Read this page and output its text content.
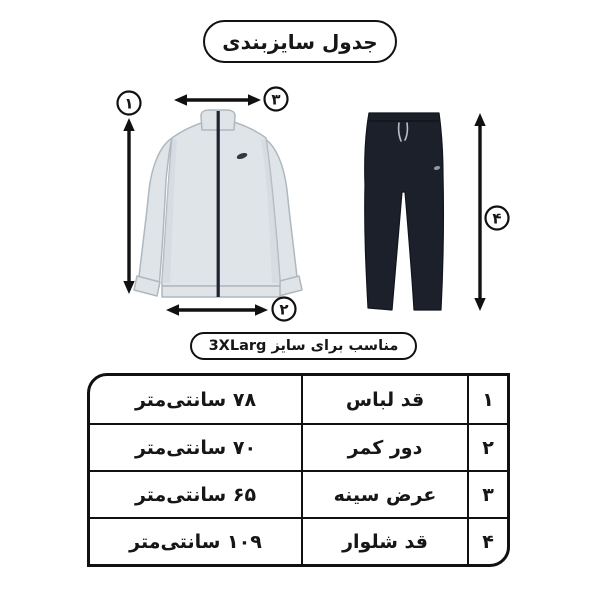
جدول سایزبندی
۱	۳
۲
۴
مناسب برای سایز 3XLarg
۱
قد لباس
۷۸ سانتی‌متر
۲
دور کمر
۷۰ سانتی‌متر
۳
عرض سینه
۶۵ سانتی‌متر
۴
قد شلوار
۱۰۹ سانتی‌متر
